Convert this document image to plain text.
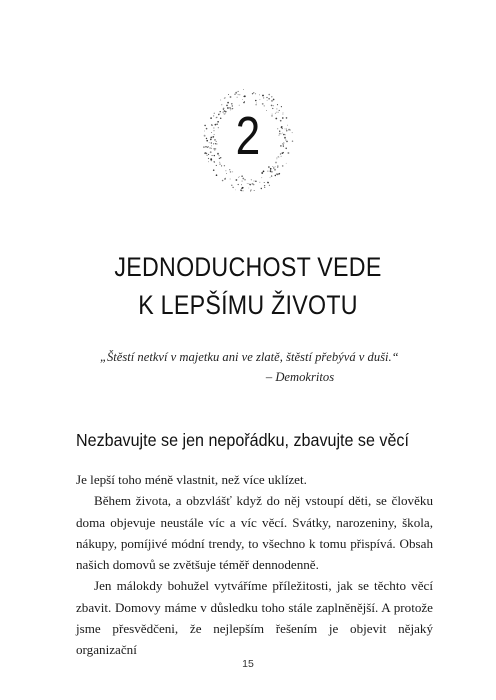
2
JEDNODUCHOST VEDE
K LEPŠÍMU ŽIVOTU
„Štěstí netkví v majetku ani ve zlatě, štěstí přebývá v duši.“
– Demokritos
Nezbavujte se jen nepořádku, zbavujte se věcí

Je lepší toho méně vlastnit, než více uklízet.

Během života, a obzvlášť když do něj vstoupí děti, se člověku doma objevuje neustále víc a víc věcí. Svátky, narozeniny, škola, nákupy, pomíjivé módní trendy, to všechno k tomu přispívá. Obsah našich domovů se zvětšuje téměř dennodenně.

Jen málokdy bohužel vytváříme příležitosti, jak se těchto věcí zbavit. Domovy máme v důsledku toho stále zaplněnější. A protože jsme přesvědčeni, že nejlepším řešením je objevit nějaký organizační

15
